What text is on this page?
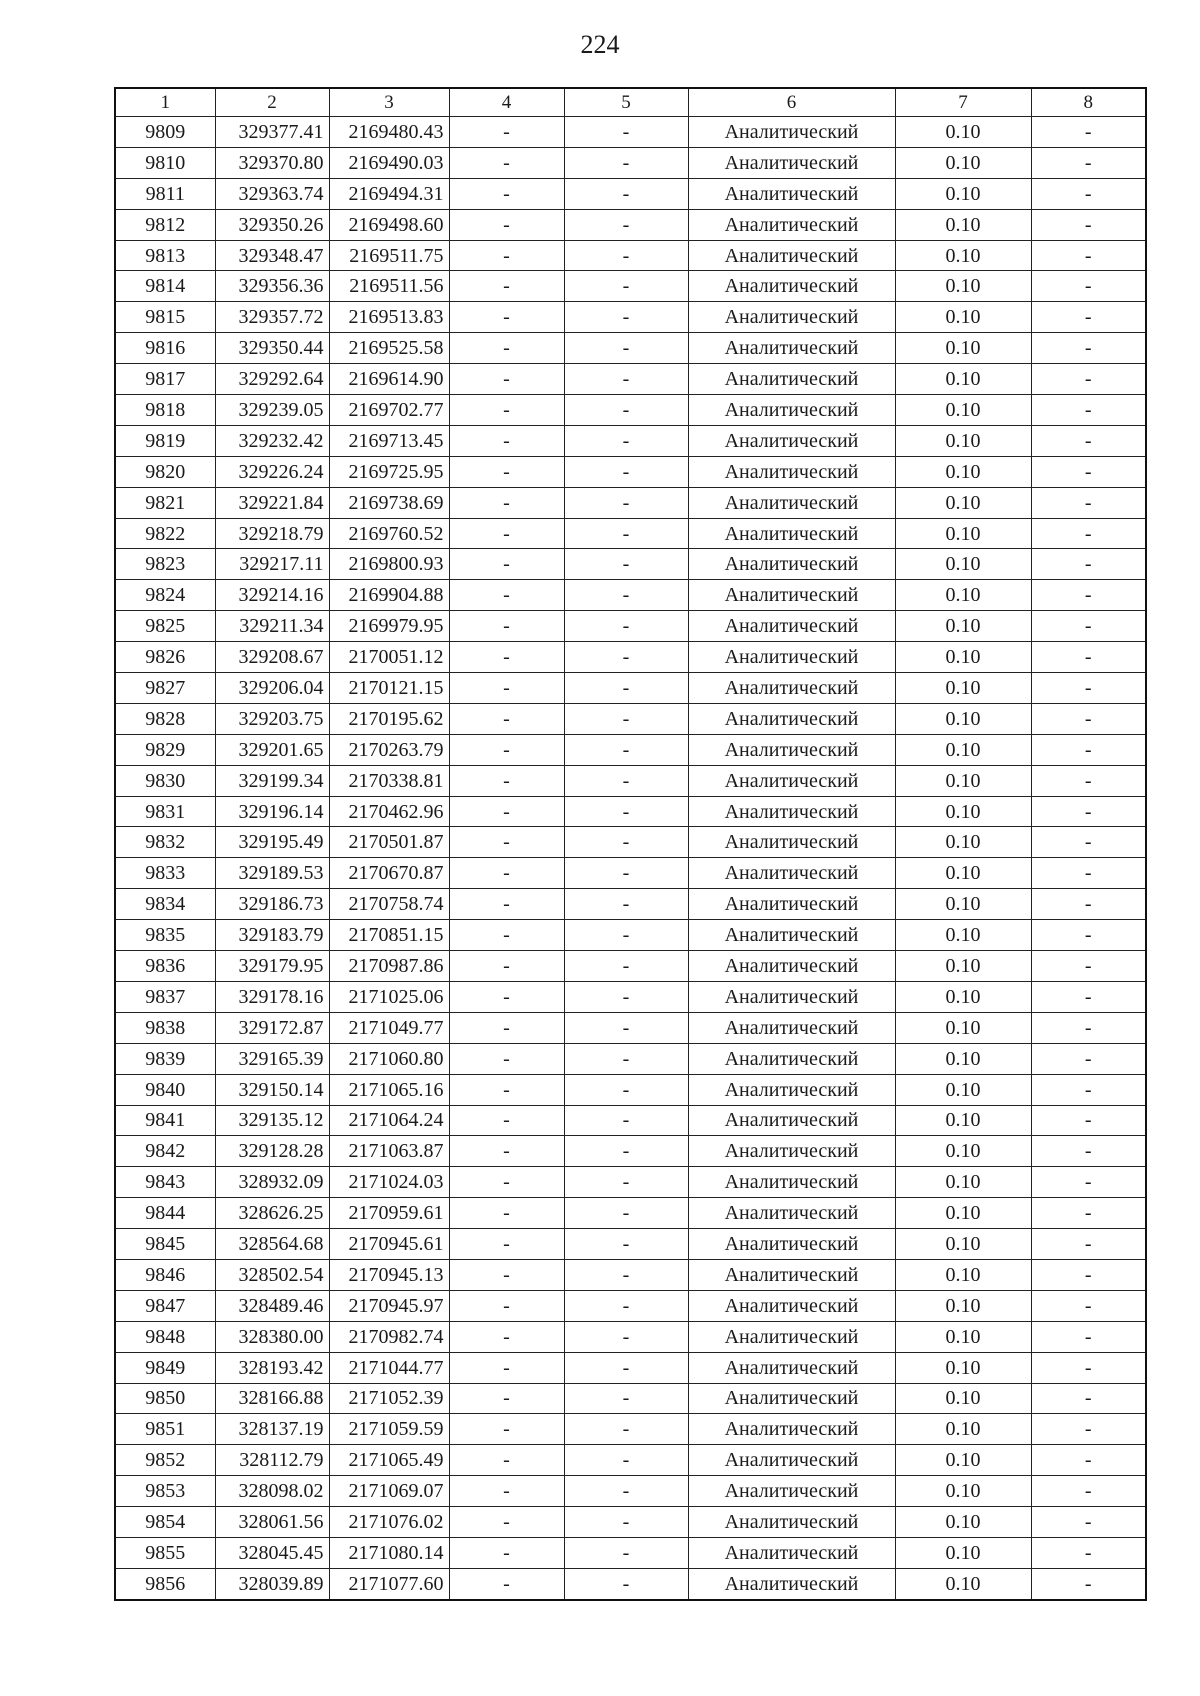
224
1	2	3	4	5	6	7	8
9809	329377.41	2169480.43	-	-	Аналитический	0.10	-
9810	329370.80	2169490.03	-	-	Аналитический	0.10	-
9811	329363.74	2169494.31	-	-	Аналитический	0.10	-
9812	329350.26	2169498.60	-	-	Аналитический	0.10	-
9813	329348.47	2169511.75	-	-	Аналитический	0.10	-
9814	329356.36	2169511.56	-	-	Аналитический	0.10	-
9815	329357.72	2169513.83	-	-	Аналитический	0.10	-
9816	329350.44	2169525.58	-	-	Аналитический	0.10	-
9817	329292.64	2169614.90	-	-	Аналитический	0.10	-
9818	329239.05	2169702.77	-	-	Аналитический	0.10	-
9819	329232.42	2169713.45	-	-	Аналитический	0.10	-
9820	329226.24	2169725.95	-	-	Аналитический	0.10	-
9821	329221.84	2169738.69	-	-	Аналитический	0.10	-
9822	329218.79	2169760.52	-	-	Аналитический	0.10	-
9823	329217.11	2169800.93	-	-	Аналитический	0.10	-
9824	329214.16	2169904.88	-	-	Аналитический	0.10	-
9825	329211.34	2169979.95	-	-	Аналитический	0.10	-
9826	329208.67	2170051.12	-	-	Аналитический	0.10	-
9827	329206.04	2170121.15	-	-	Аналитический	0.10	-
9828	329203.75	2170195.62	-	-	Аналитический	0.10	-
9829	329201.65	2170263.79	-	-	Аналитический	0.10	-
9830	329199.34	2170338.81	-	-	Аналитический	0.10	-
9831	329196.14	2170462.96	-	-	Аналитический	0.10	-
9832	329195.49	2170501.87	-	-	Аналитический	0.10	-
9833	329189.53	2170670.87	-	-	Аналитический	0.10	-
9834	329186.73	2170758.74	-	-	Аналитический	0.10	-
9835	329183.79	2170851.15	-	-	Аналитический	0.10	-
9836	329179.95	2170987.86	-	-	Аналитический	0.10	-
9837	329178.16	2171025.06	-	-	Аналитический	0.10	-
9838	329172.87	2171049.77	-	-	Аналитический	0.10	-
9839	329165.39	2171060.80	-	-	Аналитический	0.10	-
9840	329150.14	2171065.16	-	-	Аналитический	0.10	-
9841	329135.12	2171064.24	-	-	Аналитический	0.10	-
9842	329128.28	2171063.87	-	-	Аналитический	0.10	-
9843	328932.09	2171024.03	-	-	Аналитический	0.10	-
9844	328626.25	2170959.61	-	-	Аналитический	0.10	-
9845	328564.68	2170945.61	-	-	Аналитический	0.10	-
9846	328502.54	2170945.13	-	-	Аналитический	0.10	-
9847	328489.46	2170945.97	-	-	Аналитический	0.10	-
9848	328380.00	2170982.74	-	-	Аналитический	0.10	-
9849	328193.42	2171044.77	-	-	Аналитический	0.10	-
9850	328166.88	2171052.39	-	-	Аналитический	0.10	-
9851	328137.19	2171059.59	-	-	Аналитический	0.10	-
9852	328112.79	2171065.49	-	-	Аналитический	0.10	-
9853	328098.02	2171069.07	-	-	Аналитический	0.10	-
9854	328061.56	2171076.02	-	-	Аналитический	0.10	-
9855	328045.45	2171080.14	-	-	Аналитический	0.10	-
9856	328039.89	2171077.60	-	-	Аналитический	0.10	-
